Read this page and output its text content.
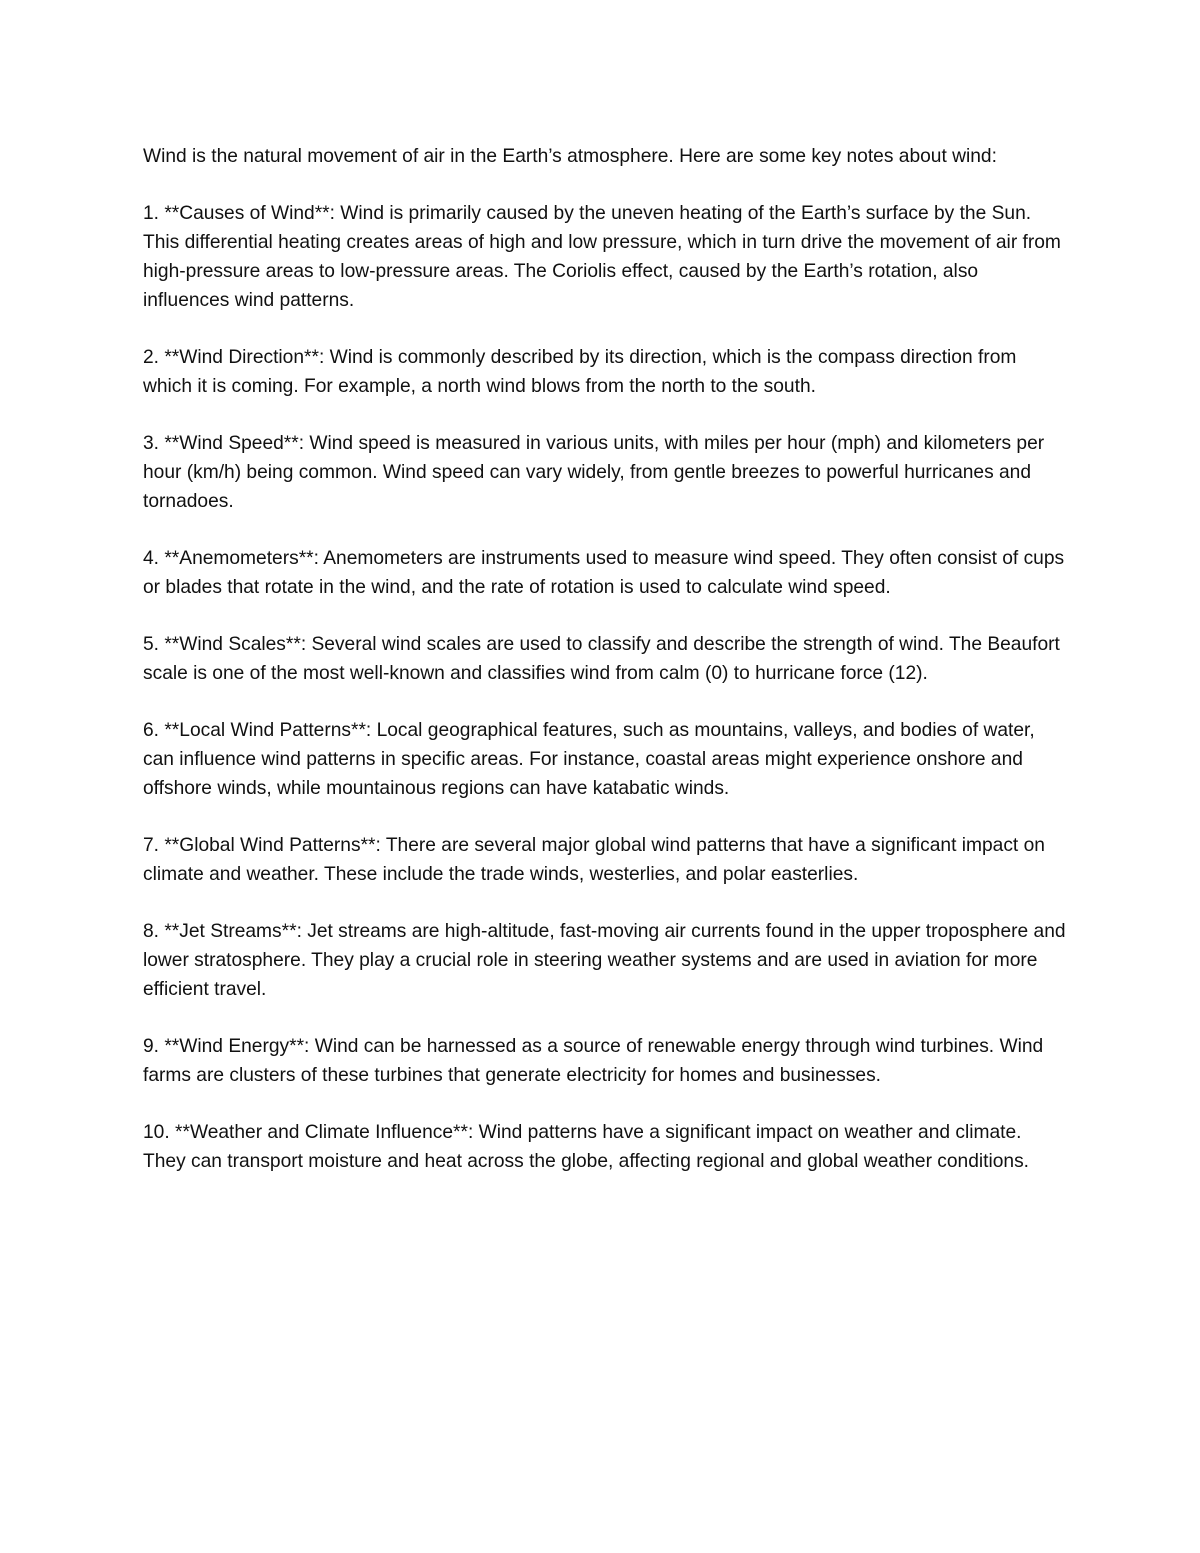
Wind is the natural movement of air in the Earth’s atmosphere. Here are some key notes about wind:

1. **Causes of Wind**: Wind is primarily caused by the uneven heating of the Earth’s surface by the Sun. This differential heating creates areas of high and low pressure, which in turn drive the movement of air from high-pressure areas to low-pressure areas. The Coriolis effect, caused by the Earth’s rotation, also influences wind patterns.

2. **Wind Direction**: Wind is commonly described by its direction, which is the compass direction from which it is coming. For example, a north wind blows from the north to the south.

3. **Wind Speed**: Wind speed is measured in various units, with miles per hour (mph) and kilometers per hour (km/h) being common. Wind speed can vary widely, from gentle breezes to powerful hurricanes and tornadoes.

4. **Anemometers**: Anemometers are instruments used to measure wind speed. They often consist of cups or blades that rotate in the wind, and the rate of rotation is used to calculate wind speed.

5. **Wind Scales**: Several wind scales are used to classify and describe the strength of wind. The Beaufort scale is one of the most well-known and classifies wind from calm (0) to hurricane force (12).

6. **Local Wind Patterns**: Local geographical features, such as mountains, valleys, and bodies of water, can influence wind patterns in specific areas. For instance, coastal areas might experience onshore and offshore winds, while mountainous regions can have katabatic winds.

7. **Global Wind Patterns**: There are several major global wind patterns that have a significant impact on climate and weather. These include the trade winds, westerlies, and polar easterlies.

8. **Jet Streams**: Jet streams are high-altitude, fast-moving air currents found in the upper troposphere and lower stratosphere. They play a crucial role in steering weather systems and are used in aviation for more efficient travel.

9. **Wind Energy**: Wind can be harnessed as a source of renewable energy through wind turbines. Wind farms are clusters of these turbines that generate electricity for homes and businesses.

10. **Weather and Climate Influence**: Wind patterns have a significant impact on weather and climate. They can transport moisture and heat across the globe, affecting regional and global weather conditions.
